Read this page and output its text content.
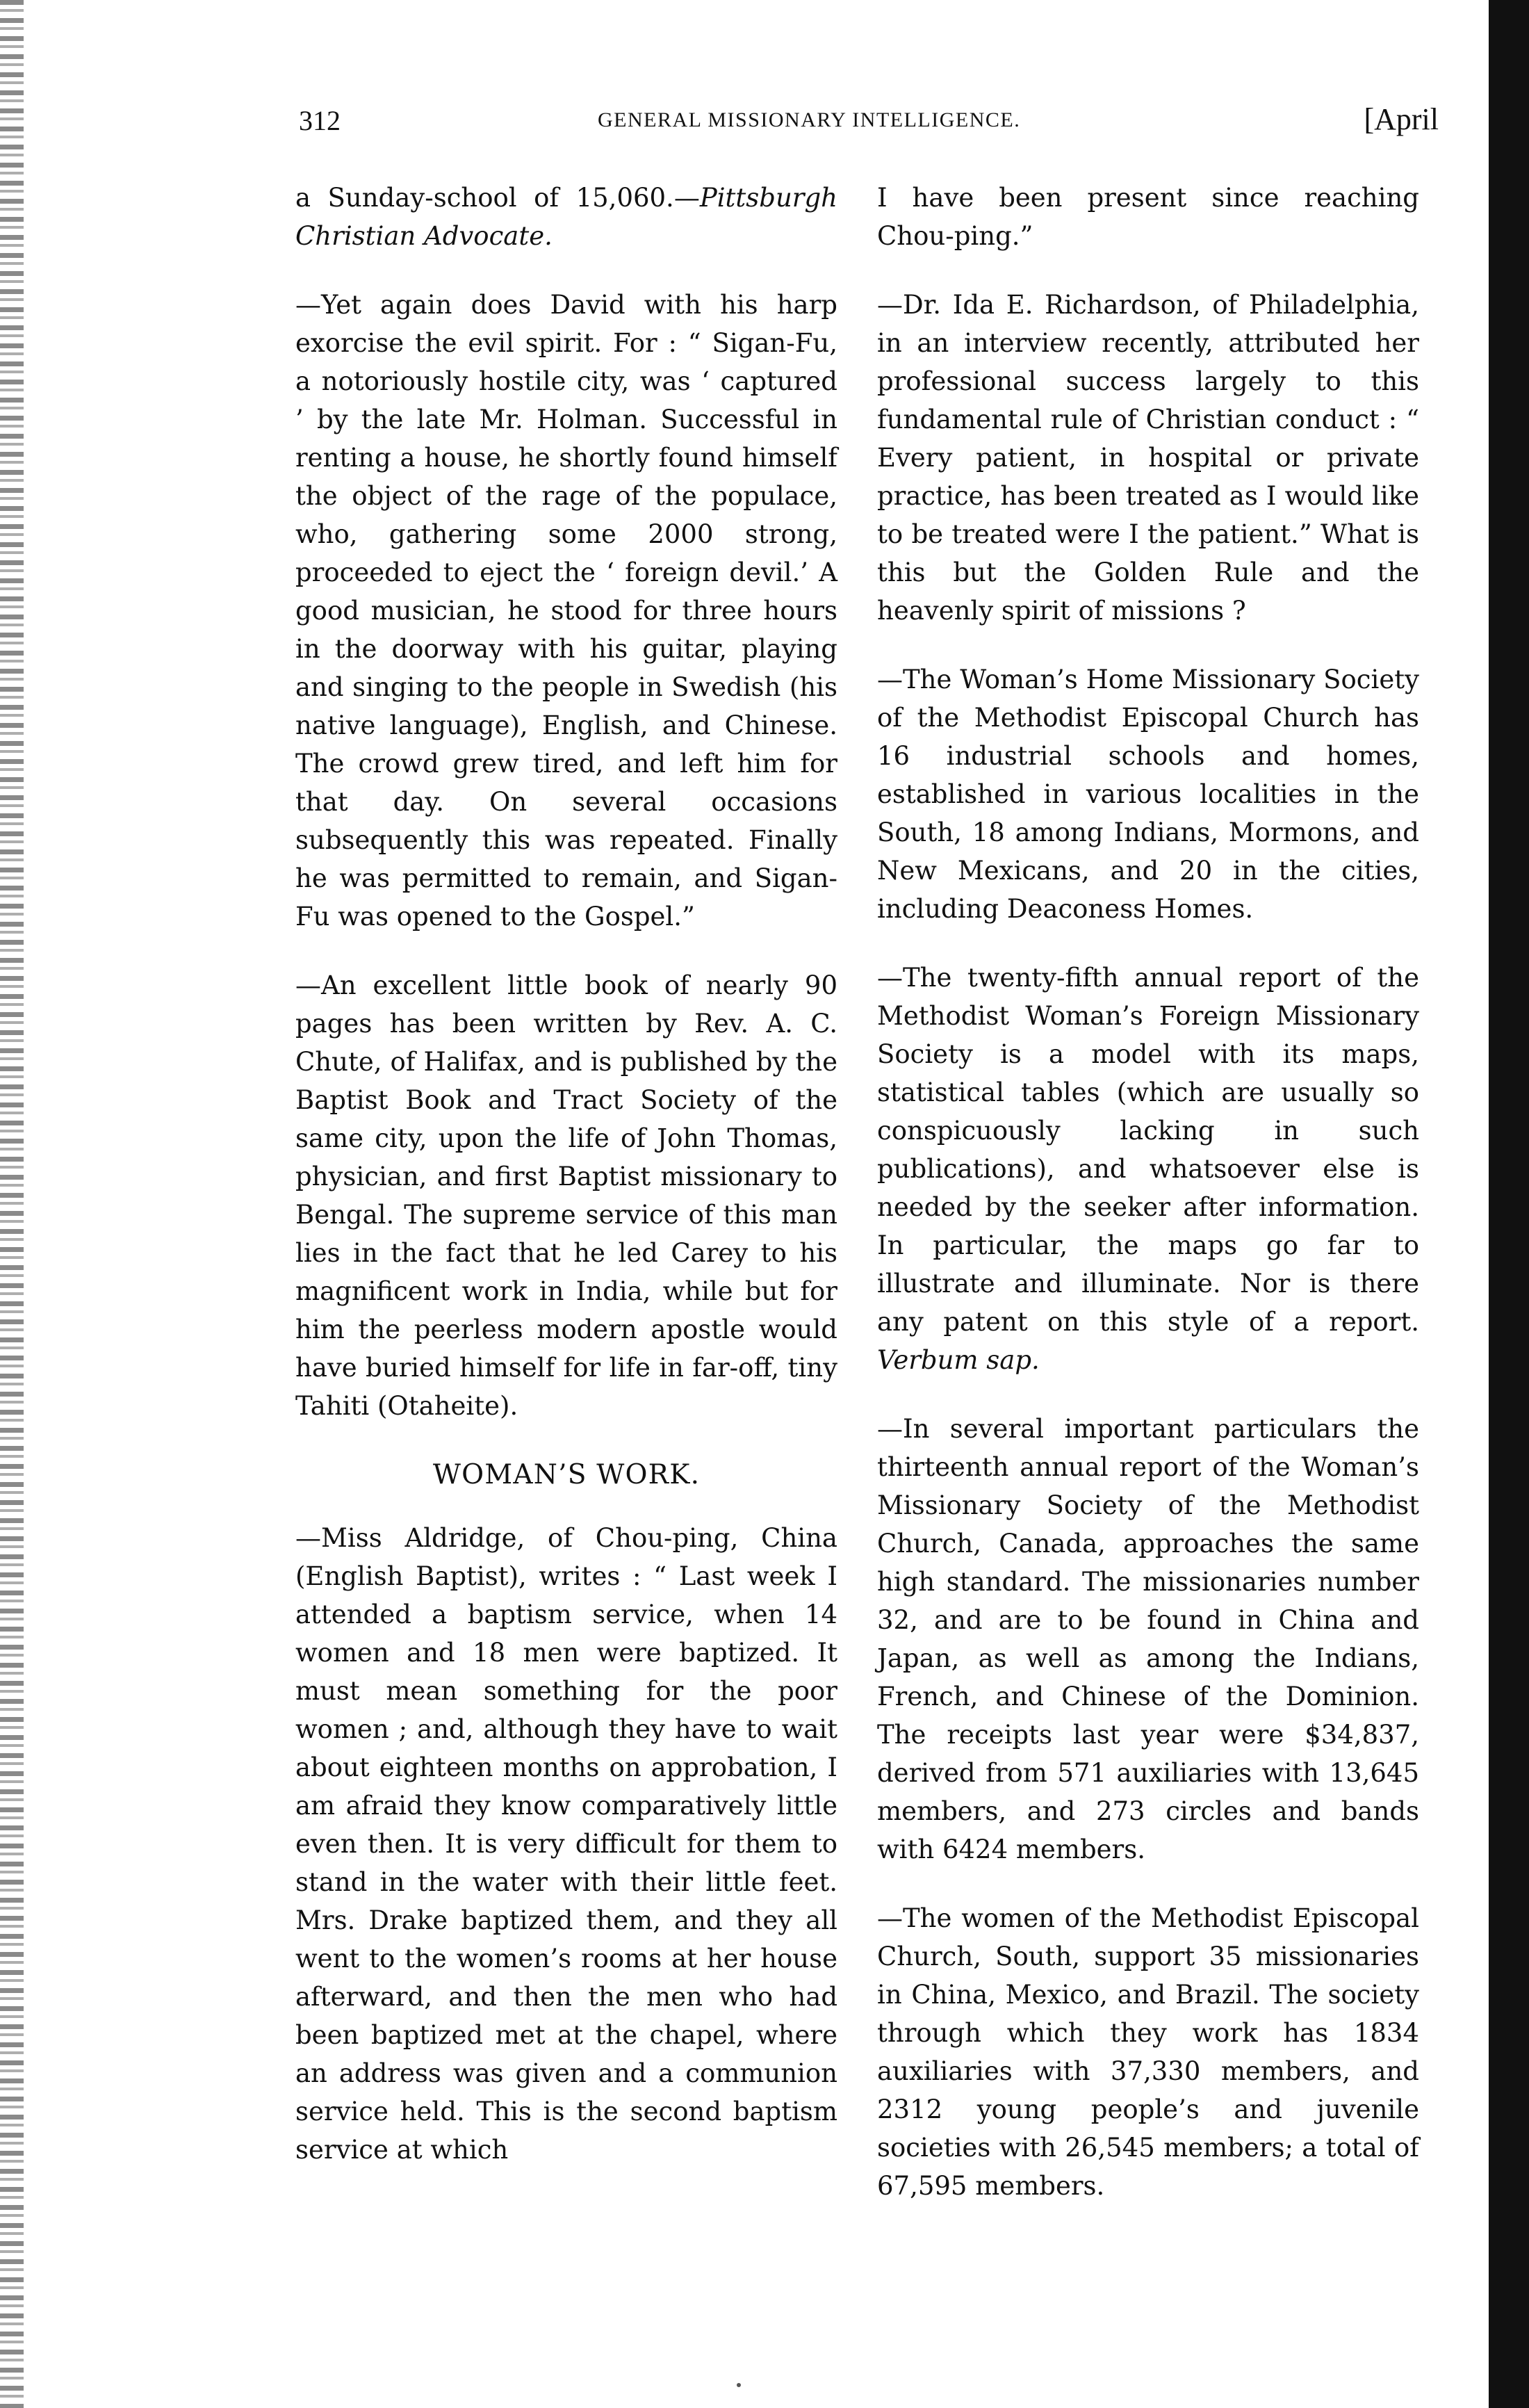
312	GENERAL MISSIONARY INTELLIGENCE.	[April

a Sunday-school of 15,060.—Pittsburgh Christian Advocate.

—Yet again does David with his harp exorcise the evil spirit. For : “ Sigan-Fu, a notoriously hostile city, was ‘ captured ’ by the late Mr. Holman. Successful in renting a house, he shortly found himself the object of the rage of the populace, who, gathering some 2000 strong, proceeded to eject the ‘ foreign devil.’ A good musician, he stood for three hours in the doorway with his guitar, playing and singing to the people in Swedish (his native language), English, and Chinese. The crowd grew tired, and left him for that day. On several occasions subsequently this was repeated. Finally he was permitted to remain, and Sigan-Fu was opened to the Gospel.”

—An excellent little book of nearly 90 pages has been written by Rev. A. C. Chute, of Halifax, and is published by the Baptist Book and Tract Society of the same city, upon the life of John Thomas, physician, and first Baptist missionary to Bengal. The supreme service of this man lies in the fact that he led Carey to his magnificent work in India, while but for him the peerless modern apostle would have buried himself for life in far-off, tiny Tahiti (Otaheite).

WOMAN’S WORK.

—Miss Aldridge, of Chou-ping, China (English Baptist), writes : “ Last week I attended a baptism service, when 14 women and 18 men were baptized. It must mean something for the poor women ; and, although they have to wait about eighteen months on approbation, I am afraid they know comparatively little even then. It is very difficult for them to stand in the water with their little feet. Mrs. Drake baptized them, and they all went to the women’s rooms at her house afterward, and then the men who had been baptized met at the chapel, where an address was given and a communion service held. This is the second baptism service at which

I have been present since reaching Chou-ping.”

—Dr. Ida E. Richardson, of Philadelphia, in an interview recently, attributed her professional success largely to this fundamental rule of Christian conduct : “ Every patient, in hospital or private practice, has been treated as I would like to be treated were I the patient.” What is this but the Golden Rule and the heavenly spirit of missions ?

—The Woman’s Home Missionary Society of the Methodist Episcopal Church has 16 industrial schools and homes, established in various localities in the South, 18 among Indians, Mormons, and New Mexicans, and 20 in the cities, including Deaconess Homes.

—The twenty-fifth annual report of the Methodist Woman’s Foreign Missionary Society is a model with its maps, statistical tables (which are usually so conspicuously lacking in such publications), and whatsoever else is needed by the seeker after information. In particular, the maps go far to illustrate and illuminate. Nor is there any patent on this style of a report. Verbum sap.

—In several important particulars the thirteenth annual report of the Woman’s Missionary Society of the Methodist Church, Canada, approaches the same high standard. The missionaries number 32, and are to be found in China and Japan, as well as among the Indians, French, and Chinese of the Dominion. The receipts last year were $34,837, derived from 571 auxiliaries with 13,645 members, and 273 circles and bands with 6424 members.

—The women of the Methodist Episcopal Church, South, support 35 missionaries in China, Mexico, and Brazil. The society through which they work has 1834 auxiliaries with 37,330 members, and 2312 young people’s and juvenile societies with 26,545 members; a total of 67,595 members.
